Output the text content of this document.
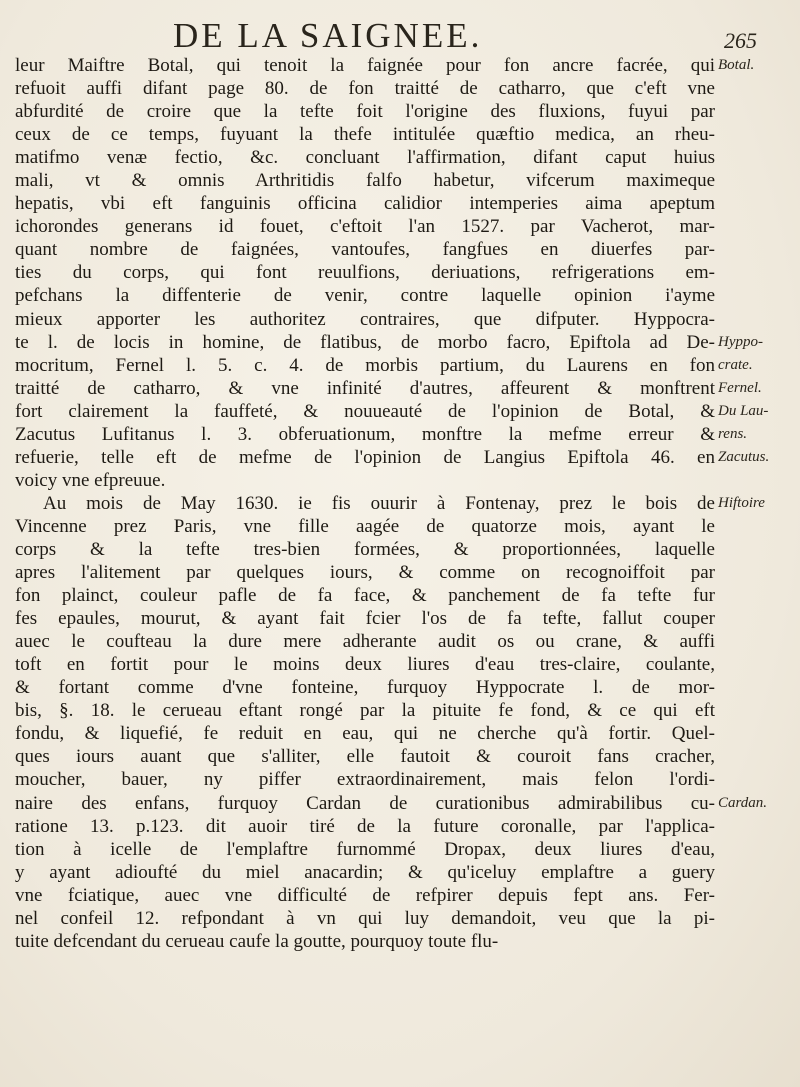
DE LA SAIGNEE.	265
leur Maiftre Botal, qui tenoit la faignée pour fon ancre facrée, qui
refuoit auffi difant page 80. de fon traitté de catharro, que c'eft vne
abfurdité de croire que la tefte foit l'origine des fluxions, fuyui par
ceux de ce temps, fuyuant la thefe intitulée quæftio medica, an rheu-
matifmo venæ fectio, &c. concluant l'affirmation, difant caput huius
mali, vt & omnis Arthritidis falfo habetur, vifcerum maximeque
hepatis, vbi eft fanguinis officina calidior intemperies aima apeptum
ichorondes generans id fouet, c'eftoit l'an 1527. par Vacherot, mar-
quant nombre de faignées, vantoufes, fangfues en diuerfes par-
ties du corps, qui font reuulfions, deriuations, refrigerations em-
pefchans la diffenterie de venir, contre laquelle opinion i'ayme
mieux apporter les authoritez contraires, que difputer. Hyppocra-
te l. de locis in homine, de flatibus, de morbo facro, Epiftola ad De-
mocritum, Fernel l. 5. c. 4. de morbis partium, du Laurens en fon
traitté de catharro, & vne infinité d'autres, affeurent & monftrent
fort clairement la fauffeté, & nouueauté de l'opinion de Botal, &
Zacutus Lufitanus l. 3. obferuationum, monftre la mefme erreur &
refuerie, telle eft de mefme de l'opinion de Langius Epiftola 46. en
voicy vne efpreuue.
Au mois de May 1630. ie fis ouurir à Fontenay, prez le bois de
Vincenne prez Paris, vne fille aagée de quatorze mois, ayant le
corps & la tefte tres-bien formées, & proportionnées, laquelle
apres l'alitement par quelques iours, & comme on recognoiffoit par
fon plainct, couleur pafle de fa face, & panchement de fa tefte fur
fes epaules, mourut, & ayant fait fcier l'os de fa tefte, fallut couper
auec le coufteau la dure mere adherante audit os ou crane, & auffi
toft en fortit pour le moins deux liures d'eau tres-claire, coulante,
& fortant comme d'vne fonteine, furquoy Hyppocrate l. de mor-
bis, §. 18. le cerueau eftant rongé par la pituite fe fond, & ce qui eft
fondu, & liquefié, fe reduit en eau, qui ne cherche qu'à fortir. Quel-
ques iours auant que s'alliter, elle fautoit & couroit fans cracher,
moucher, bauer, ny piffer extraordinairement, mais felon l'ordi-
naire des enfans, furquoy Cardan de curationibus admirabilibus cu-
ratione 13. p.123. dit auoir tiré de la future coronalle, par l'applica-
tion à icelle de l'emplaftre furnommé Dropax, deux liures d'eau,
y ayant adioufté du miel anacardin; & qu'iceluy emplaftre a guery
vne fciatique, auec vne difficulté de refpirer depuis fept ans. Fer-
nel confeil 12. refpondant à vn qui luy demandoit, veu que la pi-
tuite defcendant du cerueau caufe la goutte, pourquoy toute flu-
Botal.
Hyppo-
crate.
Fernel.
Du Lau-
rens.
Zacutus.
Hiftoire
Cardan.
